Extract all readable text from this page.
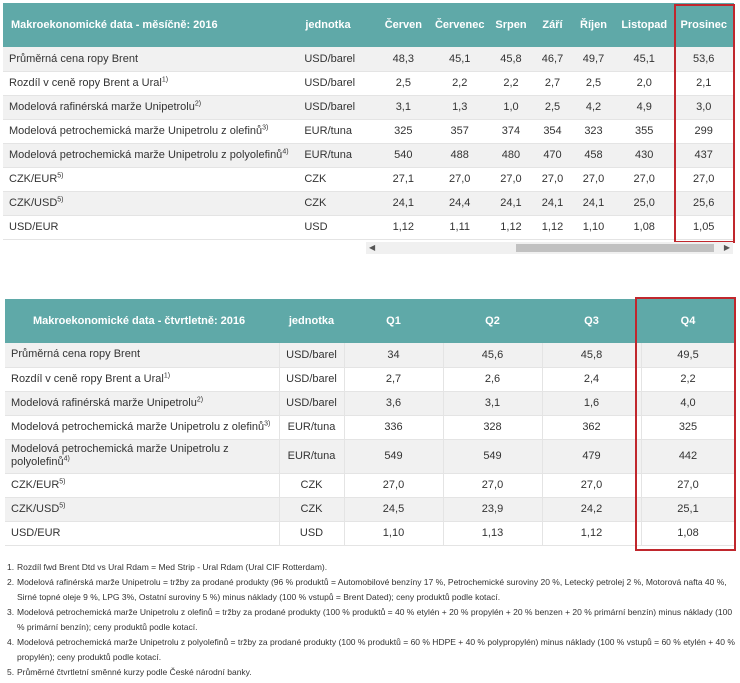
Makroekonomické data - měsíčně: 2016	jednotka	Červen	Červenec	Srpen	Září	Říjen	Listopad	Prosinec
Průměrná cena ropy Brent	USD/barel	48,3	45,1	45,8	46,7	49,7	45,1	53,6
Rozdíl v ceně ropy Brent a Ural$^{1)}$	USD/barel	2,5	2,2	2,2	2,7	2,5	2,0	2,1
Modelová rafinérská marže Unipetrolu$^{2)}$	USD/barel	3,1	1,3	1,0	2,5	4,2	4,9	3,0
Modelová petrochemická marže Unipetrolu z olefinů$^{3)}$	EUR/tuna	325	357	374	354	323	355	299
Modelová petrochemická marže Unipetrolu z polyolefinů$^{4)}$	EUR/tuna	540	488	480	470	458	430	437
CZK/EUR$^{5)}$	CZK	27,1	27,0	27,0	27,0	27,0	27,0	27,0
CZK/USD$^{5)}$	CZK	24,1	24,4	24,1	24,1	24,1	25,0	25,6
USD/EUR	USD	1,12	1,11	1,12	1,12	1,10	1,08	1,05
◀	▶
Makroekonomické data - čtvrtletně: 2016	jednotka	Q1	Q2	Q3	Q4
Průměrná cena ropy Brent	USD/barel	34	45,6	45,8	49,5
Rozdíl v ceně ropy Brent a Ural$^{1)}$	USD/barel	2,7	2,6	2,4	2,2
Modelová rafinérská marže Unipetrolu$^{2)}$	USD/barel	3,6	3,1	1,6	4,0
Modelová petrochemická marže Unipetrolu z olefinů$^{3)}$	EUR/tuna	336	328	362	325
Modelová petrochemická marže Unipetrolu z polyolefinů$^{4)}$	EUR/tuna	549	549	479	442
CZK/EUR$^{5)}$	CZK	27,0	27,0	27,0	27,0
CZK/USD$^{5)}$	CZK	24,5	23,9	24,2	25,1
USD/EUR	USD	1,10	1,13	1,12	1,08
1. Rozdíl fwd Brent Dtd vs Ural Rdam = Med Strip - Ural Rdam (Ural CIF Rotterdam).
2. Modelová rafinérská marže Unipetrolu = tržby za prodané produkty (96 % produktů = Automobilové benzíny 17 %, Petrochemické suroviny 20 %, Letecký petrolej 2 %, Motorová nafta 40 %, Sirné topné oleje 9 %, LPG 3%, Ostatní suroviny 5 %) minus náklady (100 % vstupů = Brent Dated); ceny produktů podle kotací.
3. Modelová petrochemická marže Unipetrolu z olefinů = tržby za prodané produkty (100 % produktů = 40 % etylén + 20 % propylén + 20 % benzen + 20 % primární benzín) minus náklady (100 % primární benzín); ceny produktů podle kotací.
4. Modelová petrochemická marže Unipetrolu z polyolefinů = tržby za prodané produkty (100 % produktů = 60 % HDPE + 40 % polypropylén) minus náklady (100 % vstupů = 60 % etylén + 40 % propylén); ceny produktů podle kotací.
5. Průměrné čtvrtletní směnné kurzy podle České národní banky.
